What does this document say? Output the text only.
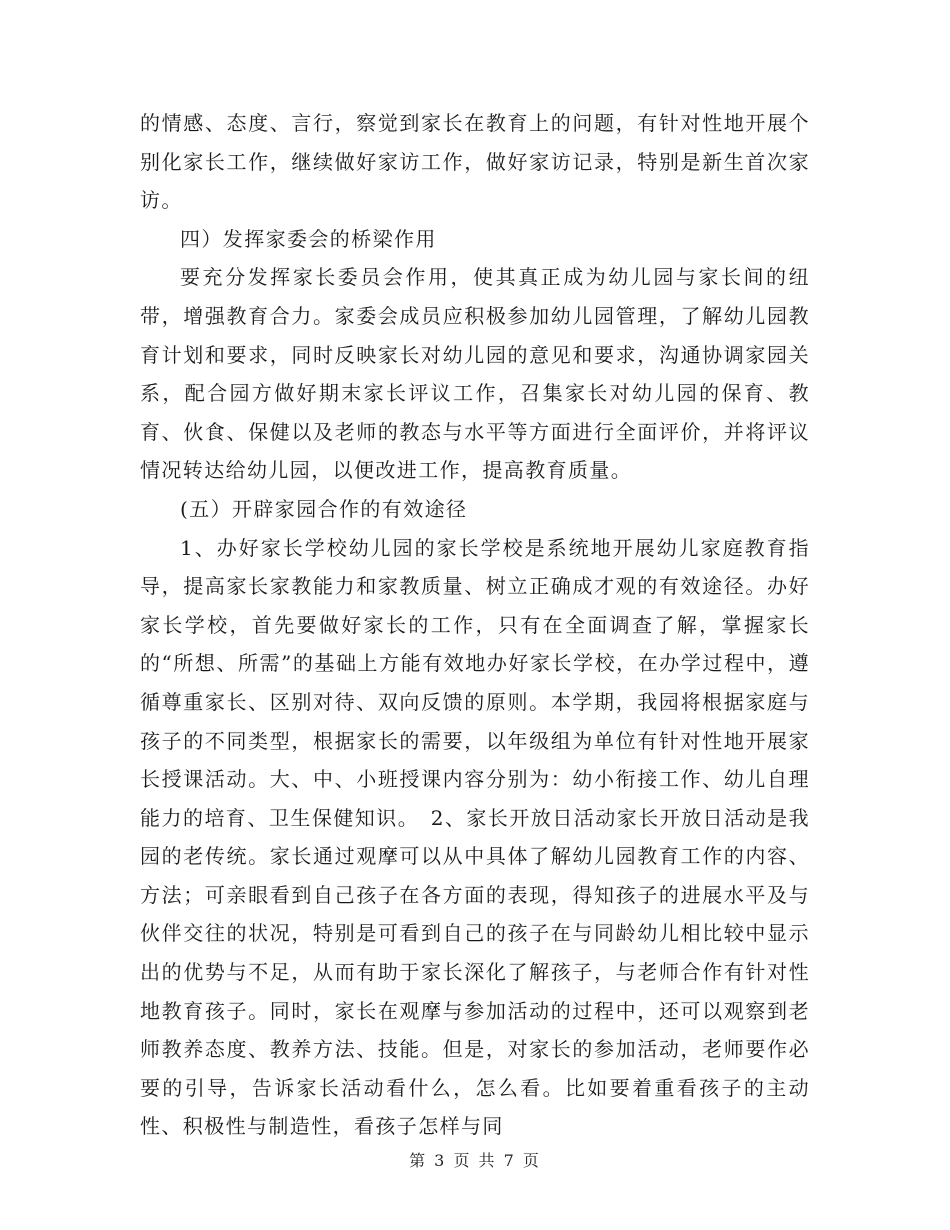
的情感、态度、言行，察觉到家长在教育上的问题，有针对性地开展个别化家长工作，继续做好家访工作，做好家访记录，特别是新生首次家访。

四）发挥家委会的桥梁作用

要充分发挥家长委员会作用，使其真正成为幼儿园与家长间的纽带，增强教育合力。家委会成员应积极参加幼儿园管理，了解幼儿园教育计划和要求，同时反映家长对幼儿园的意见和要求，沟通协调家园关系，配合园方做好期末家长评议工作，召集家长对幼儿园的保育、教育、伙食、保健以及老师的教态与水平等方面进行全面评价，并将评议情况转达给幼儿园，以便改进工作，提高教育质量。

(五）开辟家园合作的有效途径

1、办好家长学校幼儿园的家长学校是系统地开展幼儿家庭教育指导，提高家长家教能力和家教质量、树立正确成才观的有效途径。办好家长学校，首先要做好家长的工作，只有在全面调查了解，掌握家长的“所想、所需”的基础上方能有效地办好家长学校，在办学过程中，遵循尊重家长、区别对待、双向反馈的原则。本学期，我园将根据家庭与孩子的不同类型，根据家长的需要，以年级组为单位有针对性地开展家长授课活动。大、中、小班授课内容分别为：幼小衔接工作、幼儿自理能力的培育、卫生保健知识。　2、家长开放日活动家长开放日活动是我园的老传统。家长通过观摩可以从中具体了解幼儿园教育工作的内容、方法；可亲眼看到自己孩子在各方面的表现，得知孩子的进展水平及与伙伴交往的状况，特别是可看到自己的孩子在与同龄幼儿相比较中显示出的优势与不足，从而有助于家长深化了解孩子，与老师合作有针对性地教育孩子。同时，家长在观摩与参加活动的过程中，还可以观察到老师教养态度、教养方法、技能。但是，对家长的参加活动，老师要作必要的引导，告诉家长活动看什么，怎么看。比如要着重看孩子的主动性、积极性与制造性，看孩子怎样与同

第 3 页 共 7 页
